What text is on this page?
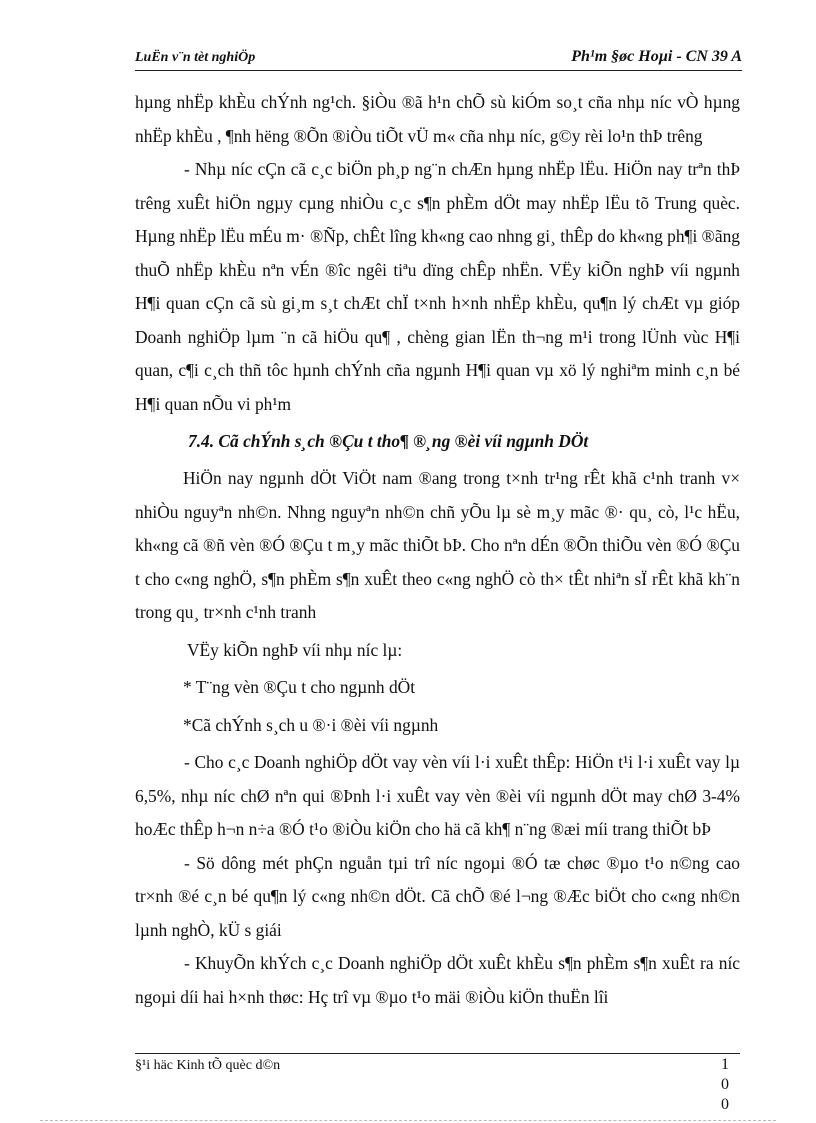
LuËn v¨n tèt nghiÖp	Ph¹m §øc Hoµi - CN 39 A

hµng nhËp khÈu chÝnh ng¹ch. §iÒu ®ã h¹n chÕ sù kiÓm so¸t cña nhµ níc vÒ hµng nhËp khÈu , ¶nh hëng ®Õn ®iÒu tiÕt vÜ m« cña nhµ níc, g©y rèi lo¹n thÞ trêng

- Nhµ níc cÇn cã c¸c biÖn ph¸p ng¨n chÆn hµng nhËp lËu. HiÖn nay trªn thÞ trêng xuÊt hiÖn ngµy cµng nhiÒu c¸c s¶n phÈm dÖt may nhËp lËu tõ Trung quèc. Hµng nhËp lËu mÉu m· ®Ñp, chÊt lîng kh«ng cao nhng gi¸ thÊp do kh«ng ph¶i ®ãng thuÕ nhËp khÈu nªn vÉn ®îc ngêi tiªu dïng chÊp nhËn. VËy kiÕn nghÞ víi ngµnh H¶i quan cÇn cã sù gi¸m s¸t chÆt chÏ t×nh h×nh nhËp khÈu, qu¶n lý chÆt vµ gióp Doanh nghiÖp lµm ¨n cã hiÖu qu¶ , chèng gian lËn th¬ng m¹i trong lÜnh vùc H¶i quan, c¶i c¸ch thñ tôc hµnh chÝnh cña ngµnh H¶i quan vµ xö lý nghiªm minh c¸n bé H¶i quan nÕu vi ph¹m

7.4. Cã chÝnh s¸ch ®Çu t tho¶ ®¸ng ®èi víi ngµnh DÖt

HiÖn nay ngµnh dÖt ViÖt nam ®ang trong t×nh tr¹ng rÊt khã c¹nh tranh v× nhiÒu nguyªn nh©n. Nhng nguyªn nh©n chñ yÕu lµ sè m¸y mãc ®· qu¸ cò, l¹c hËu, kh«ng cã ®ñ vèn ®Ó ®Çu t m¸y mãc thiÕt bÞ. Cho nªn dÉn ®Õn thiÕu vèn ®Ó ®Çu t cho c«ng nghÖ, s¶n phÈm s¶n xuÊt theo c«ng nghÖ cò th× tÊt nhiªn sÏ rÊt khã kh¨n trong qu¸ tr×nh c¹nh tranh

VËy kiÕn nghÞ víi nhµ níc lµ:

* T¨ng vèn ®Çu t cho ngµnh dÖt

*Cã chÝnh s¸ch u ®·i ®èi víi ngµnh

- Cho c¸c Doanh nghiÖp dÖt vay vèn víi l·i xuÊt thÊp: HiÖn t¹i l·i xuÊt vay lµ 6,5%, nhµ níc chØ nªn qui ®Þnh l·i xuÊt vay vèn ®èi víi ngµnh dÖt may chØ 3-4% hoÆc thÊp h¬n n÷a ®Ó t¹o ®iÒu kiÖn cho hä cã kh¶ n¨ng ®æi míi trang thiÕt bÞ

- Sö dông mét phÇn nguån tµi trî níc ngoµi ®Ó tæ chøc ®µo t¹o n©ng cao tr×nh ®é c¸n bé qu¶n lý c«ng nh©n dÖt. Cã chÕ ®é l¬ng ®Æc biÖt cho c«ng nh©n lµnh nghÒ, kÜ s giái

- KhuyÕn khÝch c¸c Doanh nghiÖp dÖt xuÊt khÈu s¶n phÈm s¶n xuÊt ra níc ngoµi díi hai h×nh thøc: Hç trî vµ ®µo t¹o mäi ®iÒu kiÖn thuËn lîi

§¹i häc Kinh tÕ quèc d©n	1
0
0
